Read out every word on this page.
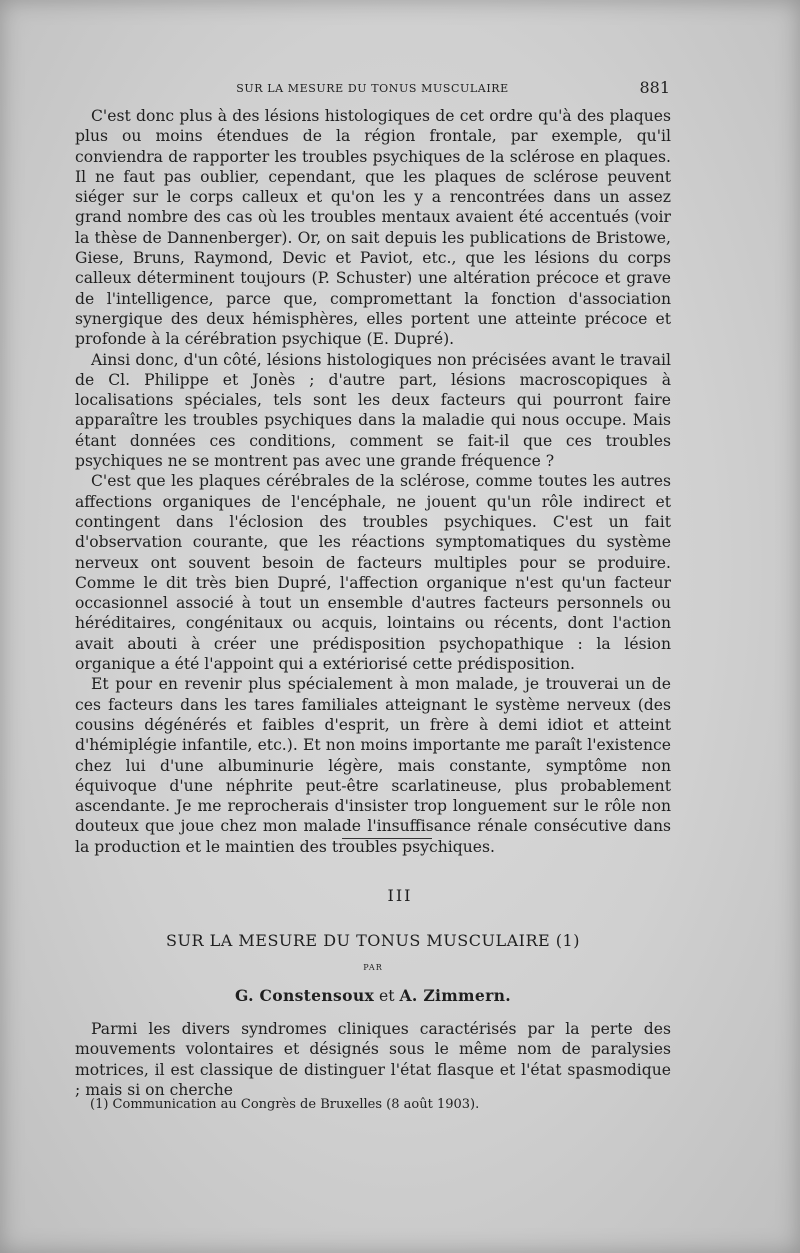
SUR LA MESURE DU TONUS MUSCULAIRE	881

C'est donc plus à des lésions histologiques de cet ordre qu'à des plaques plus ou moins étendues de la région frontale, par exemple, qu'il conviendra de rapporter les troubles psychiques de la sclérose en plaques. Il ne faut pas oublier, cependant, que les plaques de sclérose peuvent siéger sur le corps calleux et qu'on les y a rencontrées dans un assez grand nombre des cas où les troubles mentaux avaient été accentués (voir la thèse de Dannenberger). Or, on sait depuis les publications de Bristowe, Giese, Bruns, Raymond, Devic et Paviot, etc., que les lésions du corps calleux déterminent toujours (P. Schuster) une altération précoce et grave de l'intelligence, parce que, compromettant la fonction d'association synergique des deux hémisphères, elles portent une atteinte précoce et profonde à la cérébration psychique (E. Dupré).

Ainsi donc, d'un côté, lésions histologiques non précisées avant le travail de Cl. Philippe et Jonès ; d'autre part, lésions macroscopiques à localisations spéciales, tels sont les deux facteurs qui pourront faire apparaître les troubles psychiques dans la maladie qui nous occupe. Mais étant données ces conditions, comment se fait-il que ces troubles psychiques ne se montrent pas avec une grande fréquence ?

C'est que les plaques cérébrales de la sclérose, comme toutes les autres affections organiques de l'encéphale, ne jouent qu'un rôle indirect et contingent dans l'éclosion des troubles psychiques. C'est un fait d'observation courante, que les réactions symptomatiques du système nerveux ont souvent besoin de facteurs multiples pour se produire. Comme le dit très bien Dupré, l'affection organique n'est qu'un facteur occasionnel associé à tout un ensemble d'autres facteurs personnels ou héréditaires, congénitaux ou acquis, lointains ou récents, dont l'action avait abouti à créer une prédisposition psychopathique : la lésion organique a été l'appoint qui a extériorisé cette prédisposition.

Et pour en revenir plus spécialement à mon malade, je trouverai un de ces facteurs dans les tares familiales atteignant le système nerveux (des cousins dégénérés et faibles d'esprit, un frère à demi idiot et atteint d'hémiplégie infantile, etc.). Et non moins importante me paraît l'existence chez lui d'une albuminurie légère, mais constante, symptôme non équivoque d'une néphrite peut-être scarlatineuse, plus probablement ascendante. Je me reprocherais d'insister trop longuement sur le rôle non douteux que joue chez mon malade l'insuffisance rénale consécutive dans la production et le maintien des troubles psychiques.

III
SUR LA MESURE DU TONUS MUSCULAIRE (1)
PAR
G. Constensoux et A. Zimmern.

Parmi les divers syndromes cliniques caractérisés par la perte des mouvements volontaires et désignés sous le même nom de paralysies motrices, il est classique de distinguer l'état flasque et l'état spasmodique ; mais si on cherche

(1) Communication au Congrès de Bruxelles (8 août 1903).
